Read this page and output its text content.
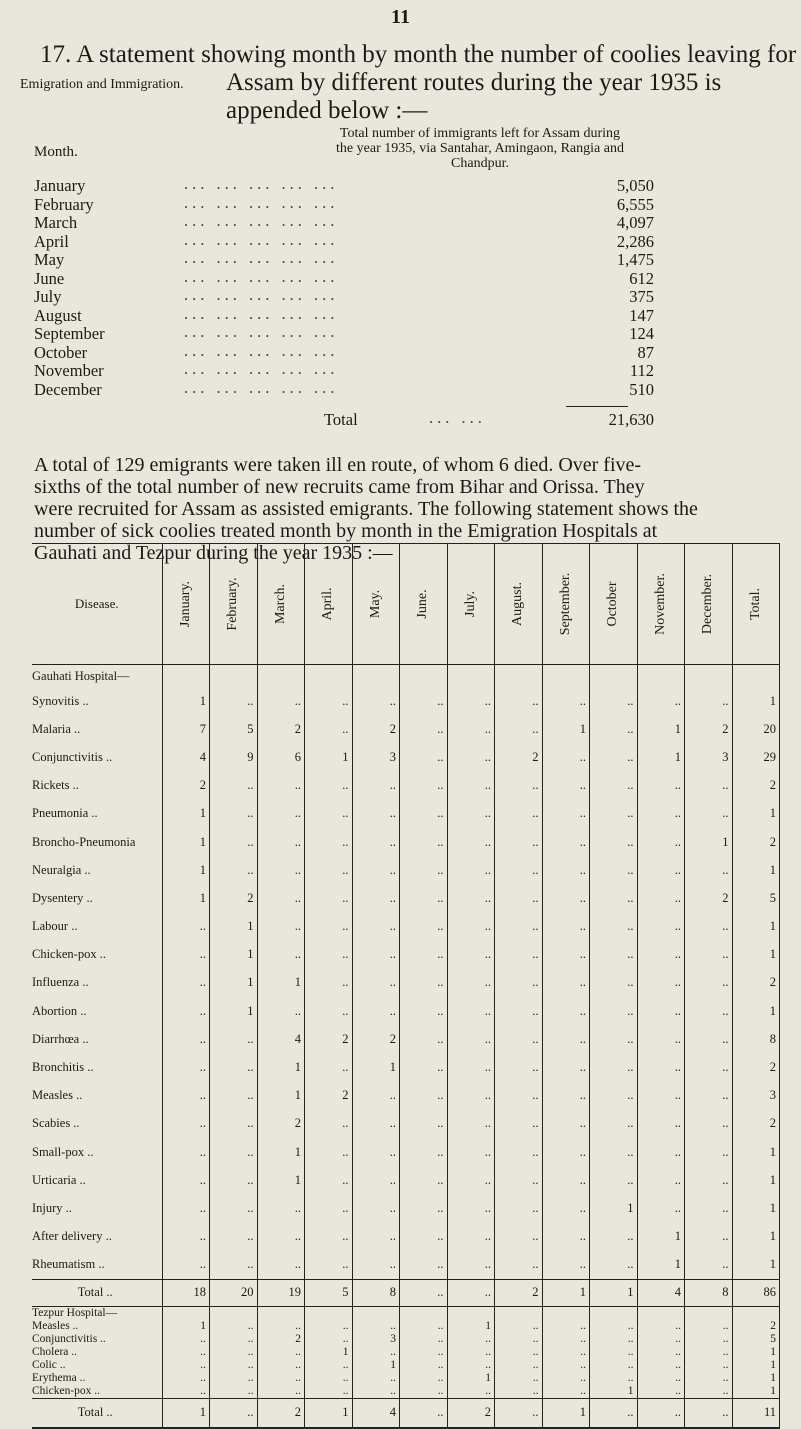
11
17. A statement showing month by month the number of coolies leaving for
Assam by different routes during the year 1935 is
appended below :—
Emigration and Immigration.
Month.
Total number of immigrants left for Assam during the year 1935, via Santahar, Amingaon, Rangia and Chandpur.
January	... ... ... ... ...	5,050
February	... ... ... ... ...	6,555
March	... ... ... ... ...	4,097
April	... ... ... ... ...	2,286
May	... ... ... ... ...	1,475
June	... ... ... ... ...	612
July	... ... ... ... ...	375
August	... ... ... ... ...	147
September	... ... ... ... ...	124
October	... ... ... ... ...	87
November	... ... ... ... ...	112
December	... ... ... ... ...	510
Total	... ...	21,630
A total of 129 emigrants were taken ill en route, of whom 6 died. Over five-
sixths of the total number of new recruits came from Bihar and Orissa. They
were recruited for Assam as assisted emigrants. The following statement shows the
number of sick coolies treated month by month in the Emigration Hospitals at
Gauhati and Tezpur during the year 1935 :—
Disease.	January.	February.	March.	April.	May.	June.	July.	August.	September.	October	November.	December.	Total.

Gauhati Hospital—													
Synovitis ..	1	..	..	..	..	..	..	..	..	..	..	..	1
Malaria ..	7	5	2	..	2	..	..	..	1	..	1	2	20
Conjunctivitis ..	4	9	6	1	3	..	..	2	..	..	1	3	29
Rickets ..	2	..	..	..	..	..	..	..	..	..	..	..	2
Pneumonia ..	1	..	..	..	..	..	..	..	..	..	..	..	1
Broncho-Pneumonia	1	..	..	..	..	..	..	..	..	..	..	1	2
Neuralgia ..	1	..	..	..	..	..	..	..	..	..	..	..	1
Dysentery ..	1	2	..	..	..	..	..	..	..	..	..	2	5
Labour ..	..	1	..	..	..	..	..	..	..	..	..	..	1
Chicken-pox ..	..	1	..	..	..	..	..	..	..	..	..	..	1
Influenza ..	..	1	1	..	..	..	..	..	..	..	..	..	2
Abortion ..	..	1	..	..	..	..	..	..	..	..	..	..	1
Diarrhœa ..	..	..	4	2	2	..	..	..	..	..	..	..	8
Bronchitis ..	..	..	1	..	1	..	..	..	..	..	..	..	2
Measles ..	..	..	1	2	..	..	..	..	..	..	..	..	3
Scabies ..	..	..	2	..	..	..	..	..	..	..	..	..	2
Small-pox ..	..	..	1	..	..	..	..	..	..	..	..	..	1
Urticaria ..	..	..	1	..	..	..	..	..	..	..	..	..	1
Injury ..	..	..	..	..	..	..	..	..	..	1	..	..	1
After delivery ..	..	..	..	..	..	..	..	..	..	..	1	..	1
Rheumatism ..	..	..	..	..	..	..	..	..	..	..	1	..	1
Total ..	18	20	19	5	8	..	..	2	1	1	4	8	86
Tezpur Hospital—													
Measles ..	1	..	..	..	..	..	1	..	..	..	..	..	2
Conjunctivitis ..	..	..	2	..	3	..	..	..	..	..	..	..	5
Cholera ..	..	..	..	1	..	..	..	..	..	..	..	..	1
Colic ..	..	..	..	..	1	..	..	..	..	..	..	..	1
Erythema ..	..	..	..	..	..	..	1	..	..	..	..	..	1
Chicken-pox ..	..	..	..	..	..	..	..	..	..	1	..	..	1
Total ..	1	..	2	1	4	..	2	..	1	..	..	..	11
